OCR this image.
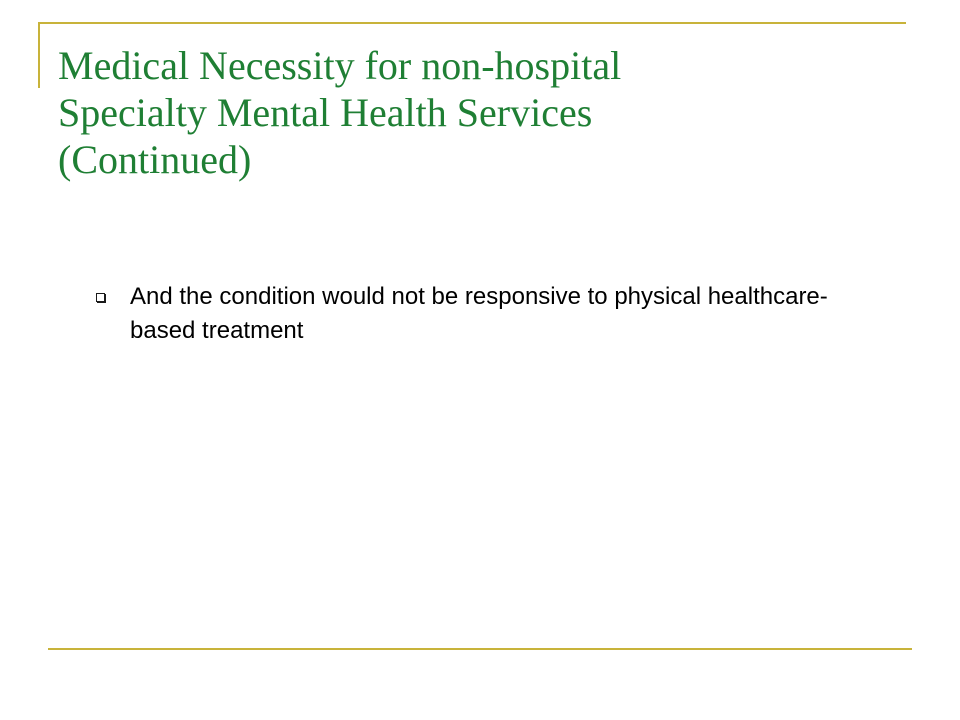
Medical Necessity for non-hospital
Specialty Mental Health Services
(Continued)
And the condition would not be responsive to physical healthcare-based treatment
